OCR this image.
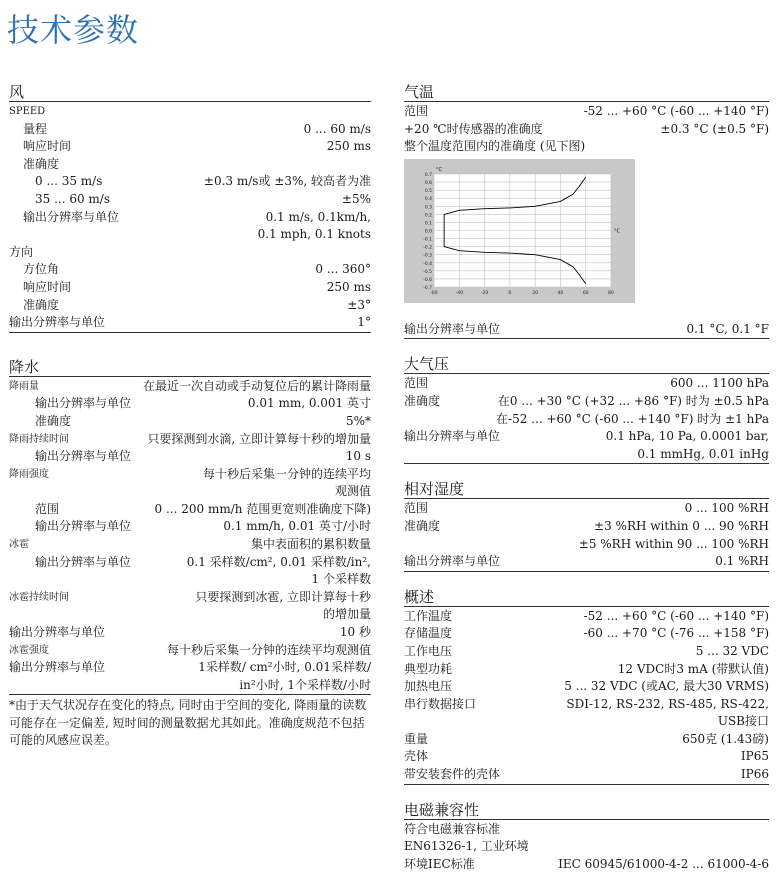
技术参数
风
SPEED
量程	0 ... 60 m/s
响应时间	250 ms
准确度
0 ... 35 m/s	±0.3 m/s或 ±3%, 较高者为准
35 ... 60 m/s	±5%
输出分辨率与单位	0.1 m/s, 0.1km/h,
0.1 mph, 0.1 knots
方向
方位角	0 ... 360°
响应时间	250 ms
准确度	±3°
输出分辨率与单位	1°
降水
降雨量	在最近一次自动或手动复位后的累计降雨量
输出分辨率与单位	0.01 mm, 0.001 英寸
准确度	5%*
降雨持续时间	只要探测到水滴, 立即计算每十秒的增加量
输出分辨率与单位	10 s
降雨强度	每十秒后采集一分钟的连续平均
观测值
范围	0 ... 200 mm/h 范围更宽则准确度下降)
输出分辨率与单位	0.1 mm/h, 0.01 英寸/小时
冰雹	集中表面积的累积数量
输出分辨率与单位	0.1 采样数/cm², 0.01 采样数/in²,
1 个采样数
冰雹持续时间	只要探测到冰雹, 立即计算每十秒
的增加量
输出分辨率与单位	10 秒
冰雹强度	每十秒后采集一分钟的连续平均观测值
输出分辨率与单位	1采样数/ cm²小时, 0.01采样数/
in²小时, 1个采样数/小时
*由于天气状况存在变化的特点, 同时由于空间的变化, 降雨量的读数可能存在一定偏差, 短时间的测量数据尤其如此。准确度规范不包括可能的风感应误差。
气温
范围	-52 ... +60 °C (-60 ... +140 °F)
+20 ℃时传感器的准确度	±0.3 °C (±0.5 °F)
整个温度范围内的准确度 (见下图)
0.7
0.6
0.5
0.4
0.3
0.2
0.1
0.0
-0.1
-0.2
-0.3
-0.4
-0.5
-0.6
-0.7
-60	-40	-20	0	20	40	60	80
°C
°C
输出分辨率与单位	0.1 °C, 0.1 °F
大气压
范围	600 ... 1100 hPa
准确度	在0 ... +30 °C (+32 ... +86 °F) 时为 ±0.5 hPa
在-52 ... +60 °C (-60 ... +140 °F) 时为 ±1 hPa
输出分辨率与单位	0.1 hPa, 10 Pa, 0.0001 bar,
0.1 mmHg, 0.01 inHg
相对湿度
范围	0 ... 100 %RH
准确度	±3 %RH within 0 ... 90 %RH
±5 %RH within 90 ... 100 %RH
输出分辨率与单位	0.1 %RH
概述
工作温度	-52 ... +60 °C (-60 ... +140 °F)
存储温度	-60 ... +70 °C (-76 ... +158 °F)
工作电压	5 ... 32 VDC
典型功耗	12 VDC时3 mA (带默认值)
加热电压	5 ... 32 VDC (或AC, 最大30 VRMS)
串行数据接口	SDI-12, RS-232, RS-485, RS-422,
USB接口
重量	650克 (1.43磅)
壳体	IP65
带安装套件的壳体	IP66
电磁兼容性
符合电磁兼容标准
EN61326-1, 工业环境
环境IEC标准	IEC 60945/61000-4-2 ... 61000-4-6
